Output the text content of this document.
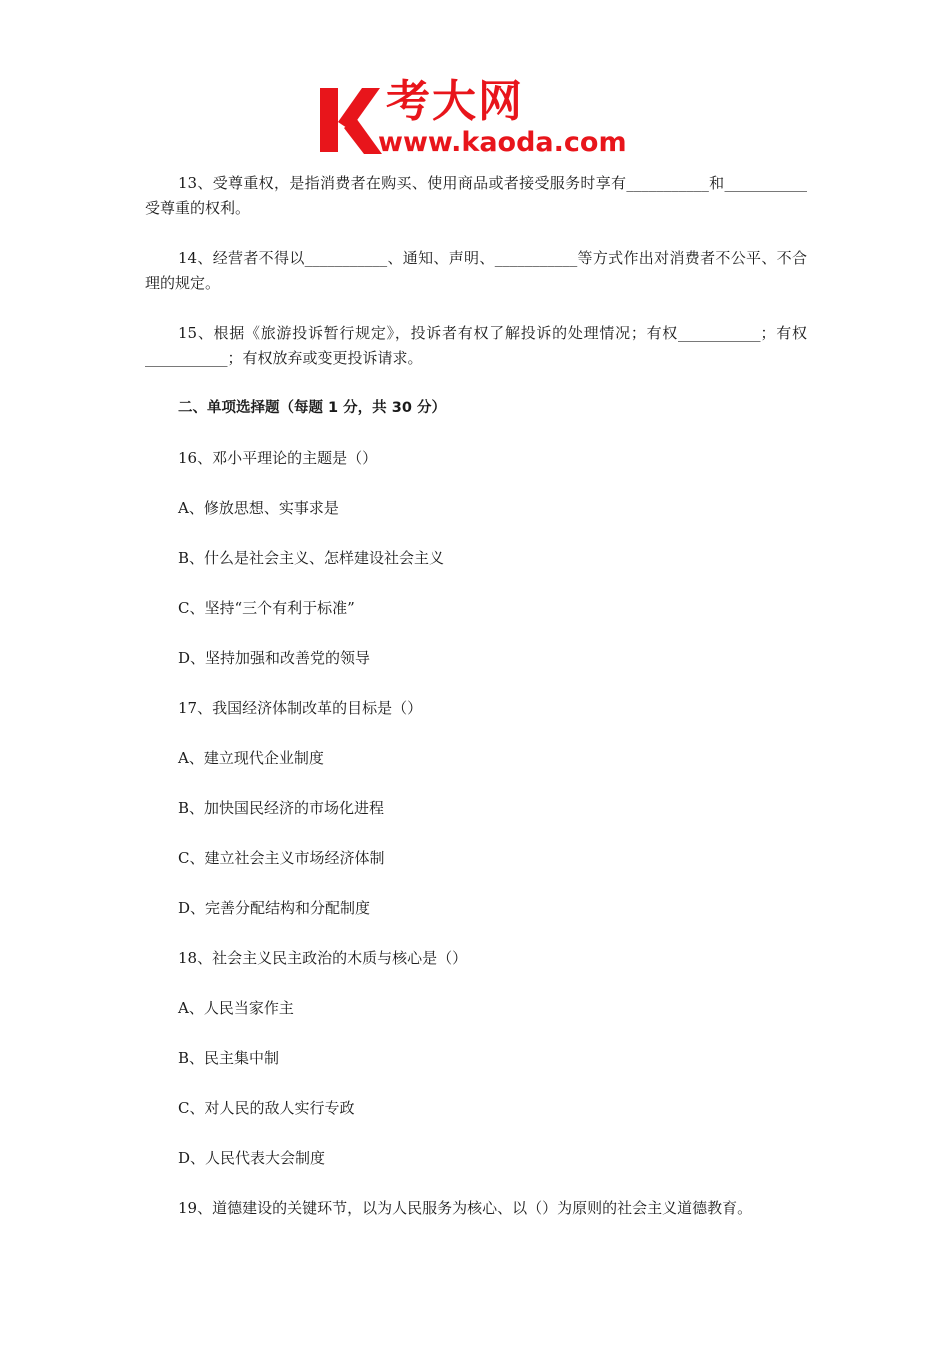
考大网
www.kaoda.com

13、受尊重权，是指消费者在购买、使用商品或者接受服务时享有___________和___________受尊重的权利。

14、经营者不得以___________、通知、声明、___________等方式作出对消费者不公平、不合理的规定。

15、根据《旅游投诉暂行规定》，投诉者有权了解投诉的处理情况；有权___________；有权___________；有权放弃或变更投诉请求。

二、单项选择题（每题 1 分，共 30 分）

16、邓小平理论的主题是（）

A、修放思想、实事求是

B、什么是社会主义、怎样建设社会主义

C、坚持“三个有利于标准”

D、坚持加强和改善党的领导

17、我国经济体制改革的目标是（）

A、建立现代企业制度

B、加快国民经济的市场化进程

C、建立社会主义市场经济体制

D、完善分配结构和分配制度

18、社会主义民主政治的木质与核心是（）

A、人民当家作主

B、民主集中制

C、对人民的敌人实行专政

D、人民代表大会制度

19、道德建设的关键环节，以为人民服务为核心、以（）为原则的社会主义道德教育。
